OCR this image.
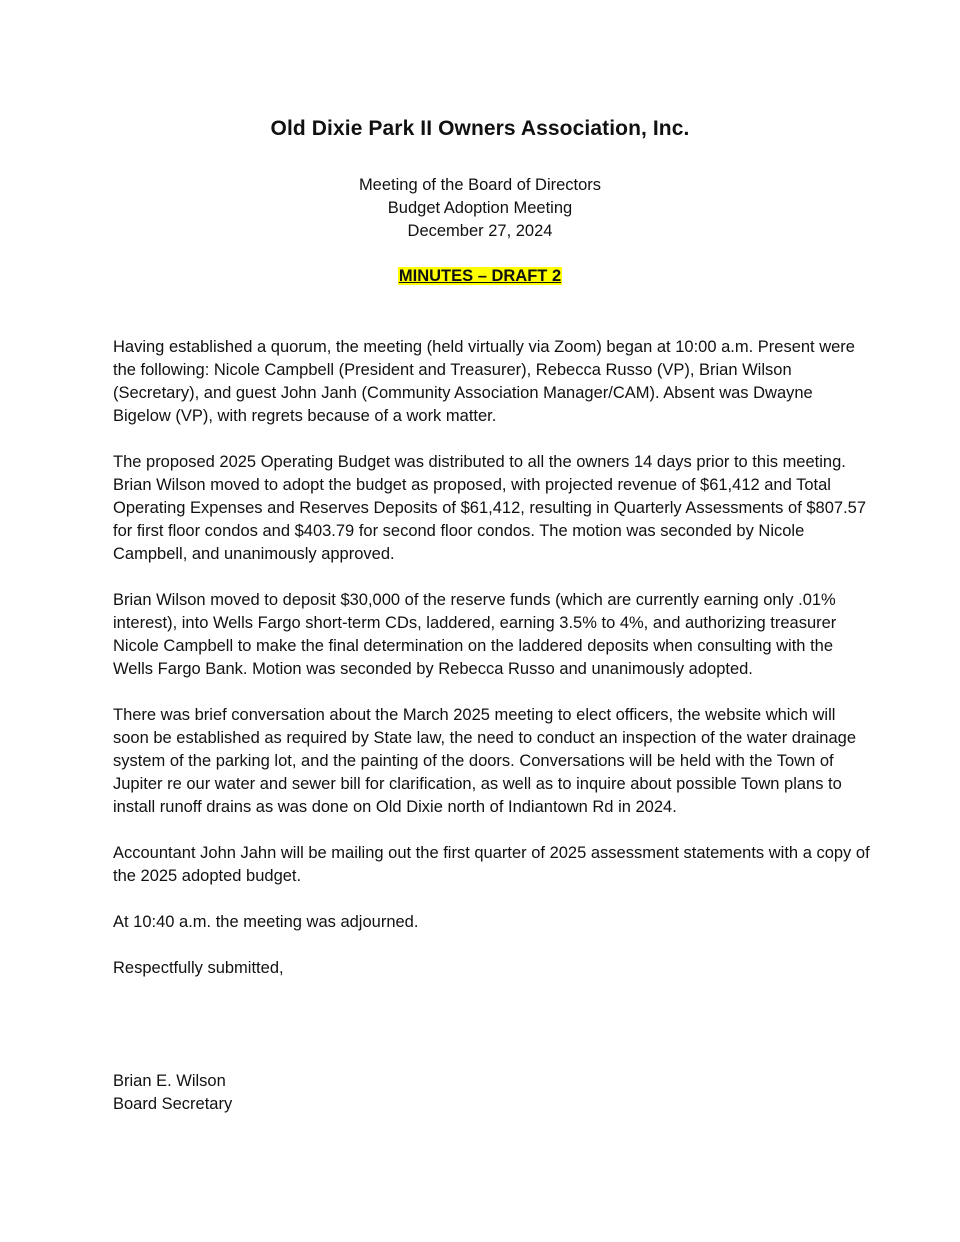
Old Dixie Park II Owners Association, Inc.
Meeting of the Board of Directors
Budget Adoption Meeting
December 27, 2024
MINUTES – DRAFT 2

Having established a quorum, the meeting (held virtually via Zoom) began at 10:00 a.m. Present were the following: Nicole Campbell (President and Treasurer), Rebecca Russo (VP), Brian Wilson (Secretary), and guest John Janh (Community Association Manager/CAM). Absent was Dwayne Bigelow (VP), with regrets because of a work matter.

The proposed 2025 Operating Budget was distributed to all the owners 14 days prior to this meeting. Brian Wilson moved to adopt the budget as proposed, with projected revenue of $61,412 and Total Operating Expenses and Reserves Deposits of $61,412, resulting in Quarterly Assessments of $807.57 for first floor condos and $403.79 for second floor condos. The motion was seconded by Nicole Campbell, and unanimously approved.

Brian Wilson moved to deposit $30,000 of the reserve funds (which are currently earning only .01% interest), into Wells Fargo short-term CDs, laddered, earning 3.5% to 4%, and authorizing treasurer Nicole Campbell to make the final determination on the laddered deposits when consulting with the Wells Fargo Bank. Motion was seconded by Rebecca Russo and unanimously adopted.

There was brief conversation about the March 2025 meeting to elect officers, the website which will soon be established as required by State law, the need to conduct an inspection of the water drainage system of the parking lot, and the painting of the doors. Conversations will be held with the Town of Jupiter re our water and sewer bill for clarification, as well as to inquire about possible Town plans to install runoff drains as was done on Old Dixie north of Indiantown Rd in 2024.

Accountant John Jahn will be mailing out the first quarter of 2025 assessment statements with a copy of the 2025 adopted budget.

At 10:40 a.m. the meeting was adjourned.

Respectfully submitted,

Brian E. Wilson
Board Secretary
